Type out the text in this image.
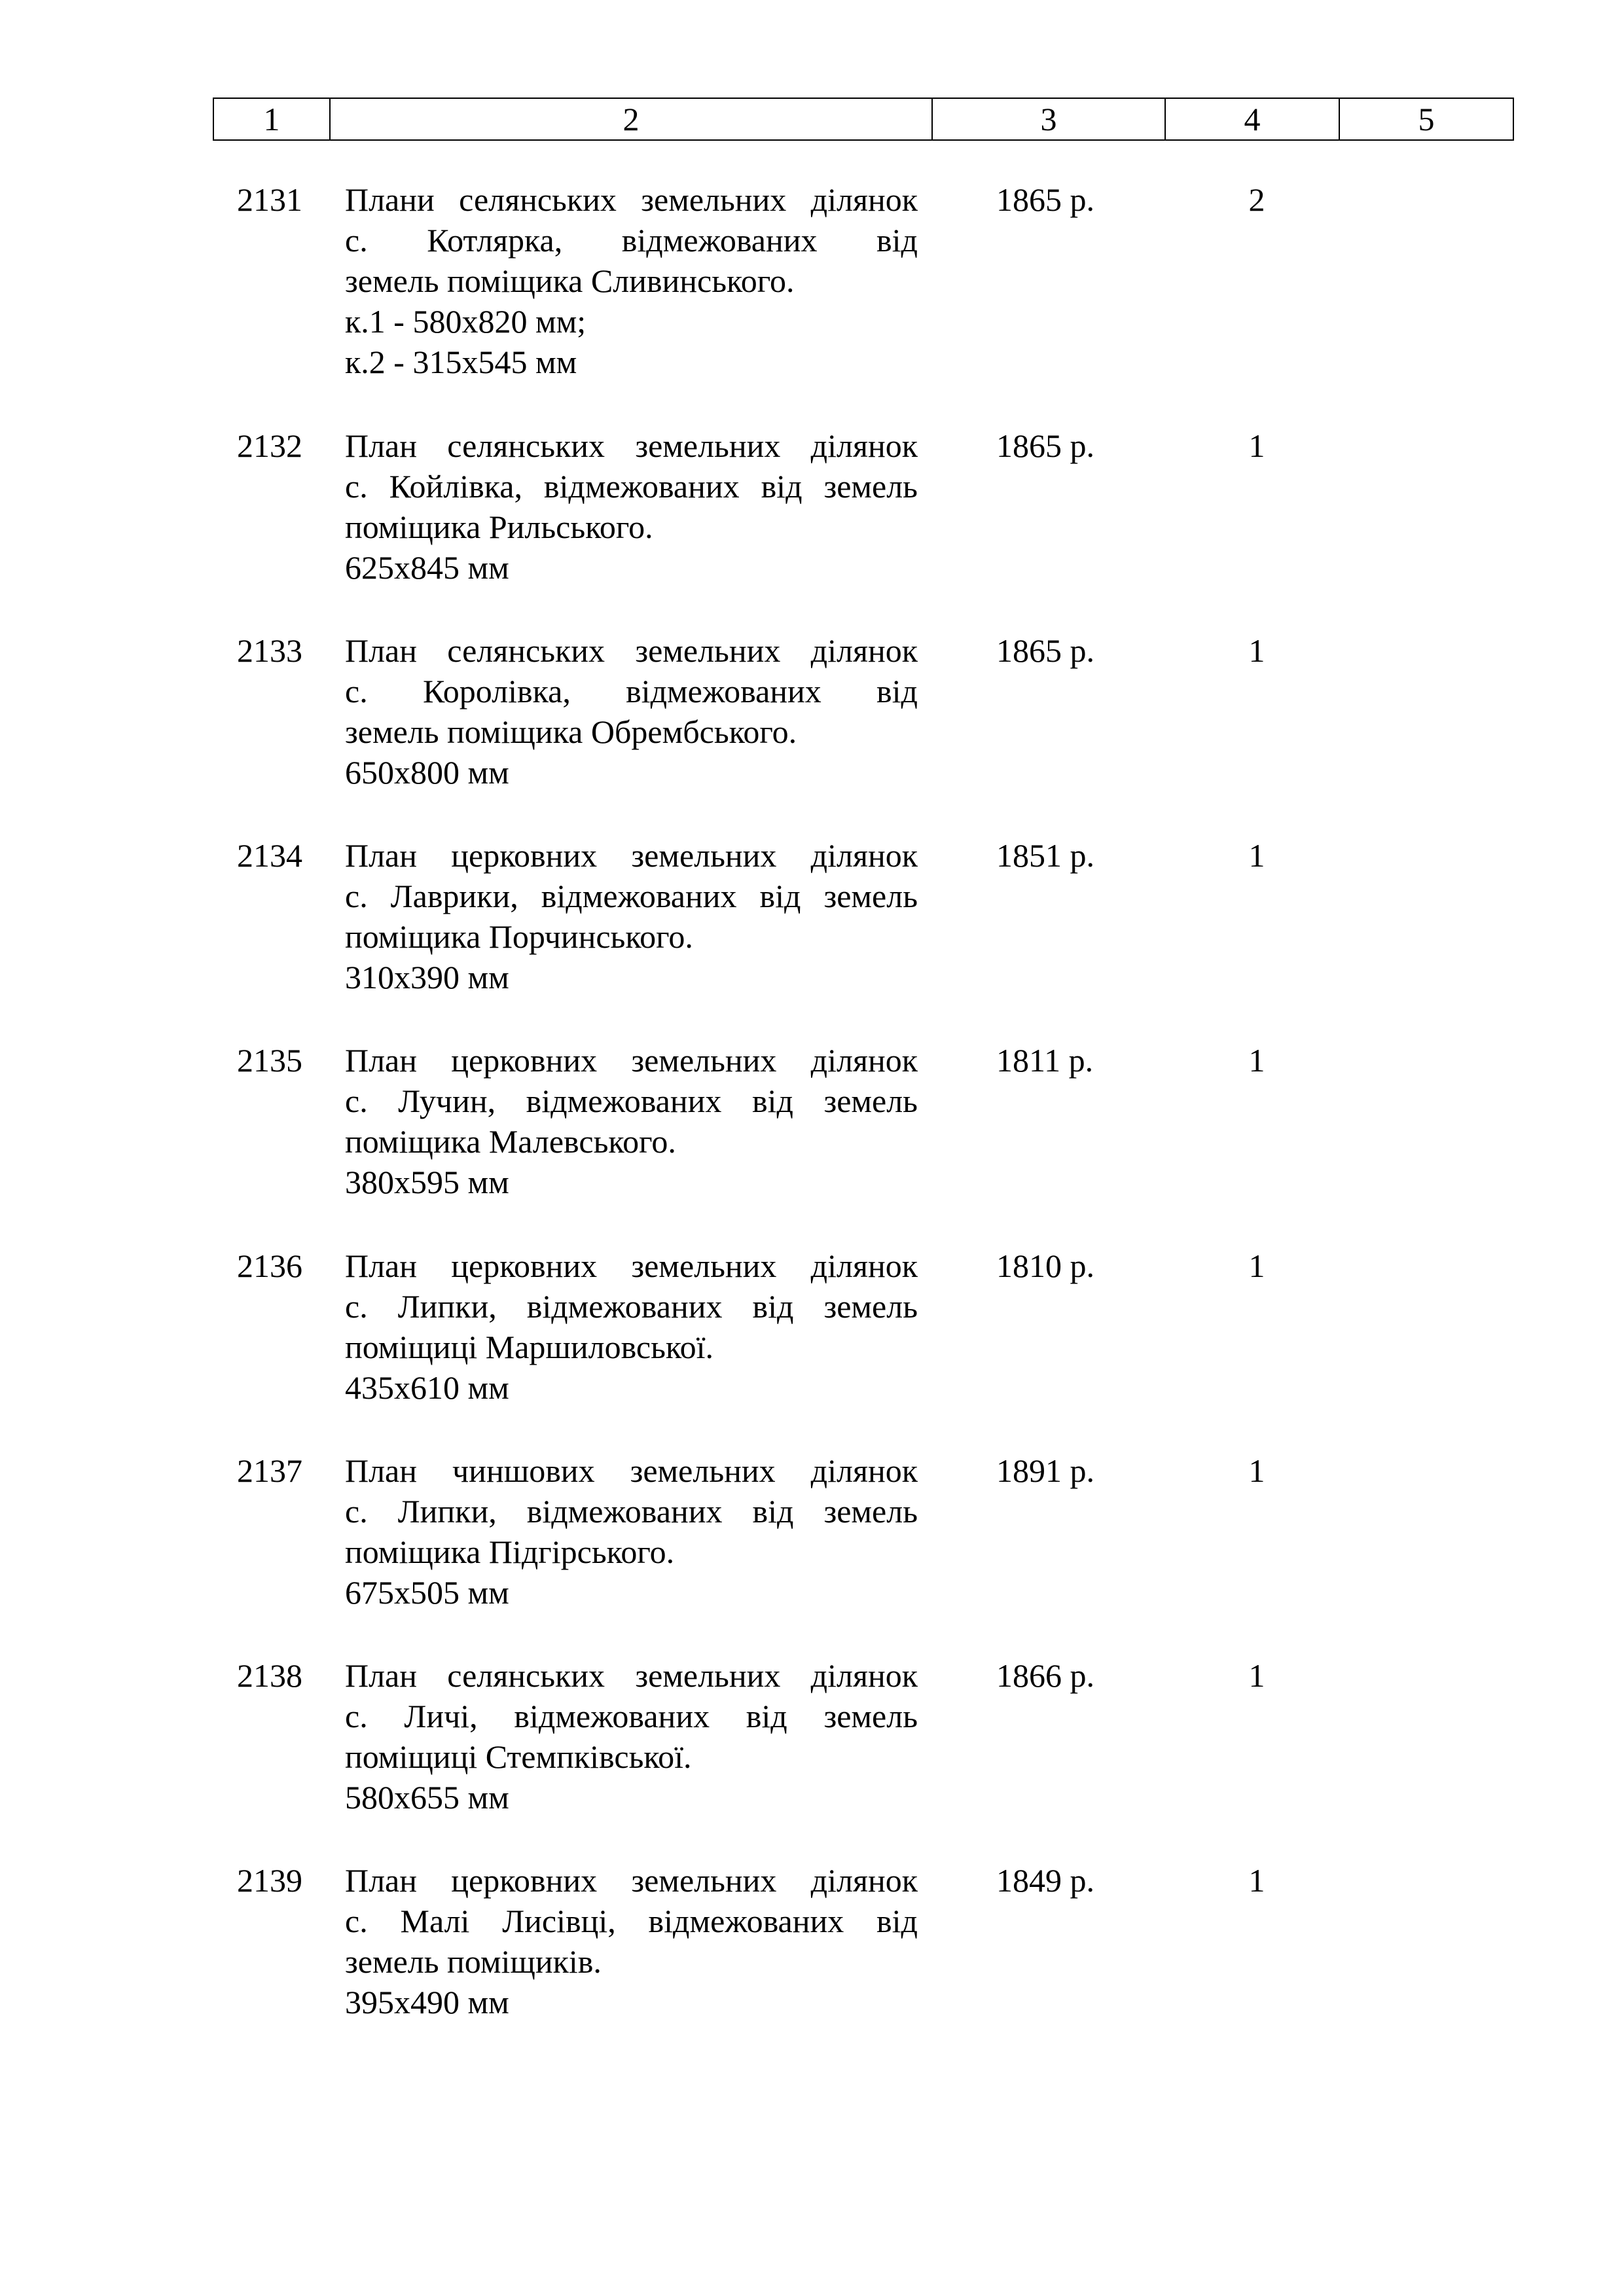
1	2	3	4	5
2131	Плани селянських земельних ділянок
с. Котлярка, відмежованих від
земель поміщика Сливинського.
к.1 - 580х820 мм;
к.2 - 315х545 мм
1865 р.	2
2132	План селянських земельних ділянок
с. Койлівка, відмежованих від земель
поміщика Рильського.
625х845 мм
1865 р.	1
2133	План селянських земельних ділянок
с. Королівка, відмежованих від
земель поміщика Обрембського.
650х800 мм
1865 р.	1
2134	План церковних земельних ділянок
с. Лаврики, відмежованих від земель
поміщика Порчинського.
310х390 мм
1851 р.	1
2135	План церковних земельних ділянок
с. Лучин, відмежованих від земель
поміщика Малевського.
380х595 мм
1811 р.	1
2136	План церковних земельних ділянок
с. Липки, відмежованих від земель
поміщиці Маршиловської.
435х610 мм
1810 р.	1
2137	План чиншових земельних ділянок
с. Липки, відмежованих від земель
поміщика Підгірського.
675х505 мм
1891 р.	1
2138	План селянських земельних ділянок
с. Личі, відмежованих від земель
поміщиці Стемпківської.
580х655 мм
1866 р.	1
2139	План церковних земельних ділянок
с. Малі Лисівці, відмежованих від
земель поміщиків.
395х490 мм
1849 р.	1
